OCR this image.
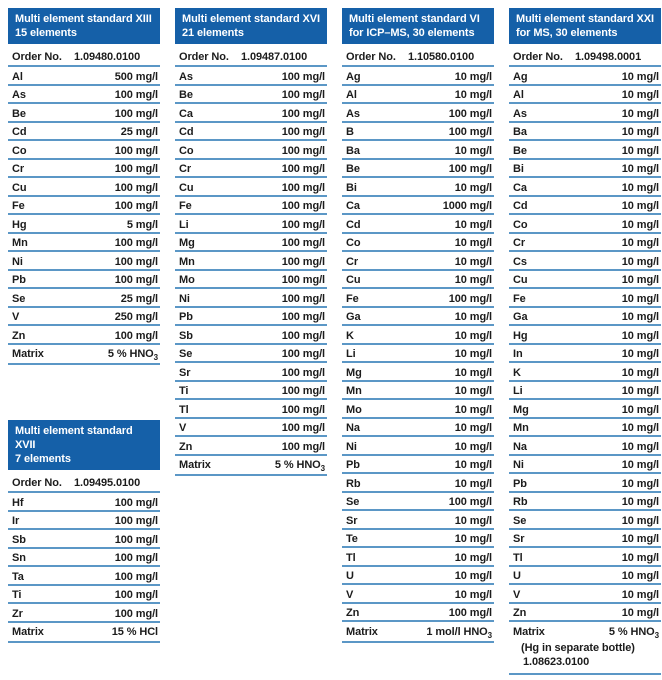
Multi element standard XIII
15 elements
Order No.	1.09480.0100
Al	500 mg/l
As	100 mg/l
Be	100 mg/l
Cd	25 mg/l
Co	100 mg/l
Cr	100 mg/l
Cu	100 mg/l
Fe	100 mg/l
Hg	5 mg/l
Mn	100 mg/l
Ni	100 mg/l
Pb	100 mg/l
Se	25 mg/l
V	250 mg/l
Zn	100 mg/l
Matrix	5 % $HNO_3$
Multi element standard XVII
7 elements
Order No.	1.09495.0100
Hf	100 mg/l
Ir	100 mg/l
Sb	100 mg/l
Sn	100 mg/l
Ta	100 mg/l
Ti	100 mg/l
Zr	100 mg/l
Matrix	15 % HCl
Multi element standard XVI
21 elements
Order No.	1.09487.0100
As	100 mg/l
Be	100 mg/l
Ca	100 mg/l
Cd	100 mg/l
Co	100 mg/l
Cr	100 mg/l
Cu	100 mg/l
Fe	100 mg/l
Li	100 mg/l
Mg	100 mg/l
Mn	100 mg/l
Mo	100 mg/l
Ni	100 mg/l
Pb	100 mg/l
Sb	100 mg/l
Se	100 mg/l
Sr	100 mg/l
Ti	100 mg/l
Tl	100 mg/l
V	100 mg/l
Zn	100 mg/l
Matrix	5 % $HNO_3$
Multi element standard VI
for ICP–MS, 30 elements
Order No.	1.10580.0100
Ag	10 mg/l
Al	10 mg/l
As	100 mg/l
B	100 mg/l
Ba	10 mg/l
Be	100 mg/l
Bi	10 mg/l
Ca	1000 mg/l
Cd	10 mg/l
Co	10 mg/l
Cr	10 mg/l
Cu	10 mg/l
Fe	100 mg/l
Ga	10 mg/l
K	10 mg/l
Li	10 mg/l
Mg	10 mg/l
Mn	10 mg/l
Mo	10 mg/l
Na	10 mg/l
Ni	10 mg/l
Pb	10 mg/l
Rb	10 mg/l
Se	100 mg/l
Sr	10 mg/l
Te	10 mg/l
Tl	10 mg/l
U	10 mg/l
V	10 mg/l
Zn	100 mg/l
Matrix	1 mol/l $HNO_3$
Multi element standard XXI
for MS, 30 elements
Order No.	1.09498.0001
Ag	10 mg/l
Al	10 mg/l
As	10 mg/l
Ba	10 mg/l
Be	10 mg/l
Bi	10 mg/l
Ca	10 mg/l
Cd	10 mg/l
Co	10 mg/l
Cr	10 mg/l
Cs	10 mg/l
Cu	10 mg/l
Fe	10 mg/l
Ga	10 mg/l
Hg	10 mg/l
In	10 mg/l
K	10 mg/l
Li	10 mg/l
Mg	10 mg/l
Mn	10 mg/l
Na	10 mg/l
Ni	10 mg/l
Pb	10 mg/l
Rb	10 mg/l
Se	10 mg/l
Sr	10 mg/l
Tl	10 mg/l
U	10 mg/l
V	10 mg/l
Zn	10 mg/l
Matrix	5 % $HNO_3$
(Hg in separate bottle)
1.08623.0100
